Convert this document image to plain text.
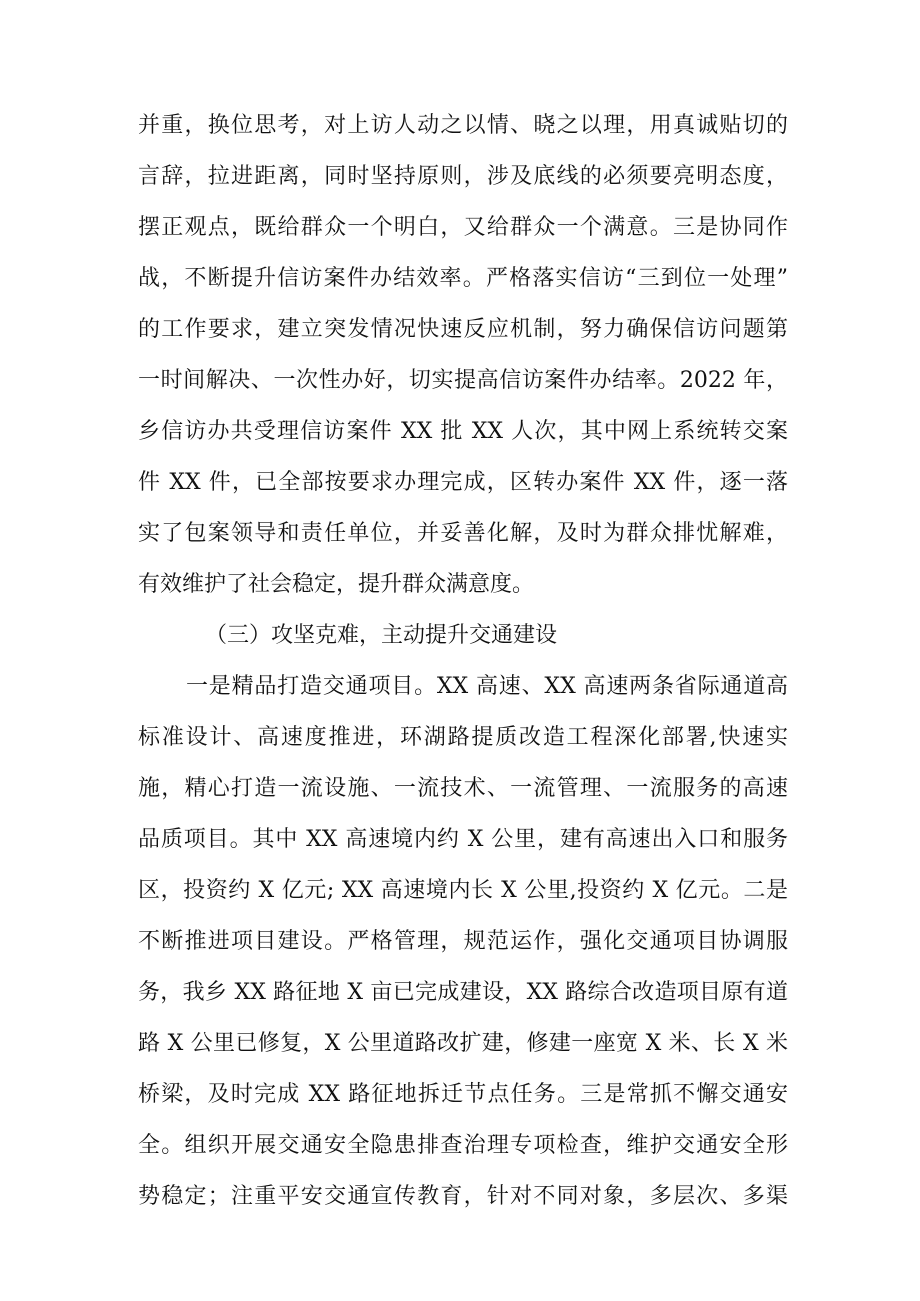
并重，换位思考，对上访人动之以情、晓之以理，用真诚贴切的
言辞，拉进距离，同时坚持原则，涉及底线的必须要亮明态度，
摆正观点，既给群众一个明白，又给群众一个满意。三是协同作
战，不断提升信访案件办结效率。严格落实信访“三到位一处理”
的工作要求，建立突发情况快速反应机制，努力确保信访问题第
一时间解决、一次性办好，切实提高信访案件办结率。2022 年，
乡信访办共受理信访案件 XX 批 XX 人次，其中网上系统转交案
件 XX 件，已全部按要求办理完成，区转办案件 XX 件，逐一落
实了包案领导和责任单位，并妥善化解，及时为群众排忧解难，
有效维护了社会稳定，提升群众满意度。
（三）攻坚克难，主动提升交通建设
一是精品打造交通项目。XX 高速、XX 高速两条省际通道高
标准设计、高速度推进，环湖路提质改造工程深化部署,快速实
施，精心打造一流设施、一流技术、一流管理、一流服务的高速
品质项目。其中 XX 高速境内约 X 公里，建有高速出入口和服务
区，投资约 X 亿元; XX 高速境内长 X 公里,投资约 X 亿元。二是
不断推进项目建设。严格管理，规范运作，强化交通项目协调服
务，我乡 XX 路征地 X 亩已完成建设，XX 路综合改造项目原有道
路 X 公里已修复，X 公里道路改扩建，修建一座宽 X 米、长 X 米
桥梁，及时完成 XX 路征地拆迁节点任务。三是常抓不懈交通安
全。组织开展交通安全隐患排查治理专项检查，维护交通安全形
势稳定；注重平安交通宣传教育，针对不同对象，多层次、多渠
